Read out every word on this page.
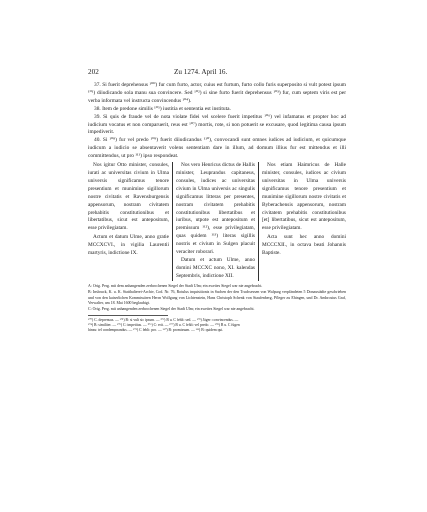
202	Zu 1274. April 16.

37. Si fuerit deprehensus ¹⁰⁰) fur cum furto, actor, cuius est furtum, furto collo furis superposito si vult potest ipsum ¹⁰¹) diiudicando sola manu sua convincere. Sed ¹⁰²) si sine furto fuerit deprehensus ¹⁰³) fur, cum septem viris est per verba informata vel instructa convincendus ¹⁰⁴).

38. Item de predone similis ¹⁰⁵) iustitia et sententia est instituta.

39. Si quis de fraude vel de nota violate fidei vel scelere fuerit impetitus ¹⁰⁶) vel infamatus et propter hoc ad iudicium vocatus et non comparuerit, reus est ¹⁰⁷) mortis, rote, si non potuerit se excusare, quod legitima causa ipsum impediverit.

40. Si ¹⁰⁸) fur vel predo ¹⁰⁹) fuerit diiudicandus ¹¹⁰), convocandi sunt omnes iudices ad iudicium, et quicumque iudicum a iudicio se absentaverit volens sententiam dare in illum, ad domum illius fur est mittendus et illi committendus, ut pro ¹¹¹) ipso respondeat.

Nos igitur Otto minister, consules, iurati ac universitas civium in Ulma universis significamus tenore presentium et munimine sigillorum nostre civitatis et Ravensburgensis appensorum, nostram civitatem prehabitis constitutionibus et libertatibus, sicut est antepositum, esse privilegiatam.

Actum et datum Ulme, anno gratie MCCXCVI., in vigilia Laurentii martyris, indictione IX.

Nos vero Henricus dictus de Hallis minister, Leuprandus capitaneus, consules, iudices ac universitas civium in Ulma universis ac singulis significamus litteras per presentes, nostram civitatem prehabitis constitutionibus libertatibus et iuribus, utpote est antepositum et premissum ¹¹²), esse privilegiatam, quas quidem ¹¹³) literas sigillis nostris et civium in Sulgen placuit veraciter roborari.

Datum et actum Ulme, anno domini MCCXC nono, XI. kalendas Septembris, indictione XII.

Nos etiam Haimricus de Halle minister, consules, iudices ac civium universitas in Ulma universis significamus tenore presentium et munimine sigillorum nostre civitatis et Byberachensis appensorum, nostram civitatem prehabitis constitutionibus [et] libertatibus, sicut est antepositum, esse privilegiatam.

Acta sunt hec anno domini MCCCXII., in octava beati Johannis Baptiste.

A: Orig. Perg. mit dem anhangenden zerbrochenen Siegel der Stadt Ulm; ein zweites Siegel war nie angebracht.

B: Insbruck, K. u. K. Statthalterei-Archiv, Cod. Nr. 76, Rotulus inquisitionis in Sachen der den Truchsessen von Walpurg verpfändeten 5 Donaustädte geschrieben und von den kaiserlichen Kommissären Herrn Wolfgang von Lichtenstein, Hans Christoph Schenk von Staufenberg, Pfleger zu Ehingen, und Dr. Ambrosius Graf, Verwalter, am 18. Mai 1600 beglaubigt.

C: Orig. Perg. mit anhangenden zerbrochenen Siegel der Stadt Ulm; ein zweites Siegel war nie angebracht.

¹⁰⁰) C. deprensus. — ¹⁰¹) B: si vult sic ipsum. — ¹⁰²) B u. C fehlt: sed. — ¹⁰³) Jäger: convincendus. —

¹⁰⁴) B: similiter. — ¹⁰⁵) C: impetitus. — ¹⁰⁶) C: erit. — ¹⁰⁷) B u. C fehlt: vel predo. — ¹⁰⁸) B u. C fügen

hinzu: tel condempnandus. — ¹⁰⁹) C fehlt: pro. — ¹¹⁰) B: promissum. — ¹¹¹) B: quidem qui.
